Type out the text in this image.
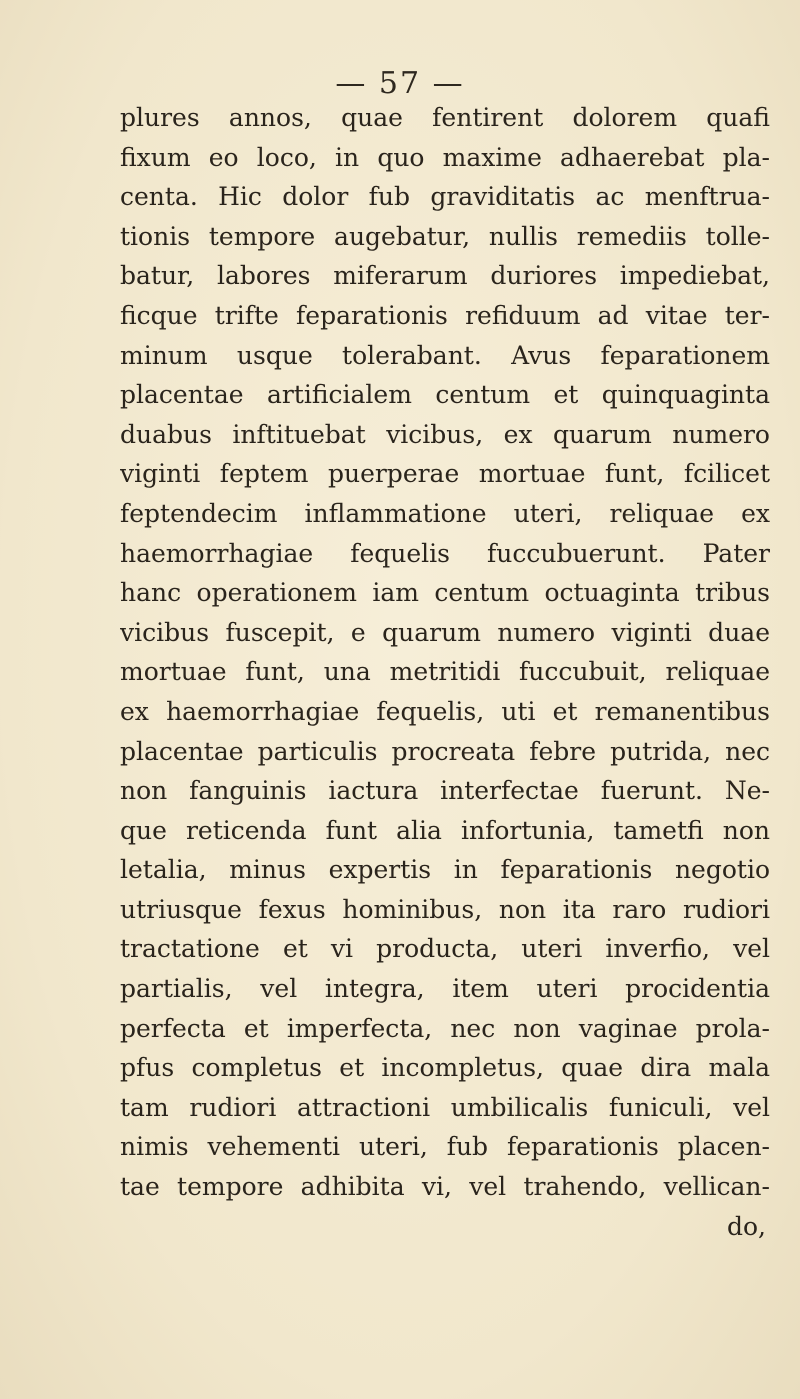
— 57 —
plures annos, quae fentirent dolorem quafi
fixum eo loco, in quo maxime adhaerebat pla-
centa. Hic dolor fub graviditatis ac menftrua-
tionis tempore augebatur, nullis remediis tolle-
batur, labores miferarum duriores impediebat,
ficque trifte feparationis refiduum ad vitae ter-
minum usque tolerabant. Avus feparationem
placentae artificialem centum et quinquaginta
duabus inftituebat vicibus, ex quarum numero
viginti feptem puerperae mortuae funt, fcilicet
feptendecim inflammatione uteri, reliquae ex
haemorrhagiae fequelis fuccubuerunt. Pater
hanc operationem iam centum octuaginta tribus
vicibus fuscepit, e quarum numero viginti duae
mortuae funt, una metritidi fuccubuit, reliquae
ex haemorrhagiae fequelis, uti et remanentibus
placentae particulis procreata febre putrida, nec
non fanguinis iactura interfectae fuerunt. Ne-
que reticenda funt alia infortunia, tametfi non
letalia, minus expertis in feparationis negotio
utriusque fexus hominibus, non ita raro rudiori
tractatione et vi producta, uteri inverfio, vel
partialis, vel integra, item uteri procidentia
perfecta et imperfecta, nec non vaginae prola-
pfus completus et incompletus, quae dira mala
tam rudiori attractioni umbilicalis funiculi, vel
nimis vehementi uteri, fub feparationis placen-
tae tempore adhibita vi, vel trahendo, vellican-
do,
